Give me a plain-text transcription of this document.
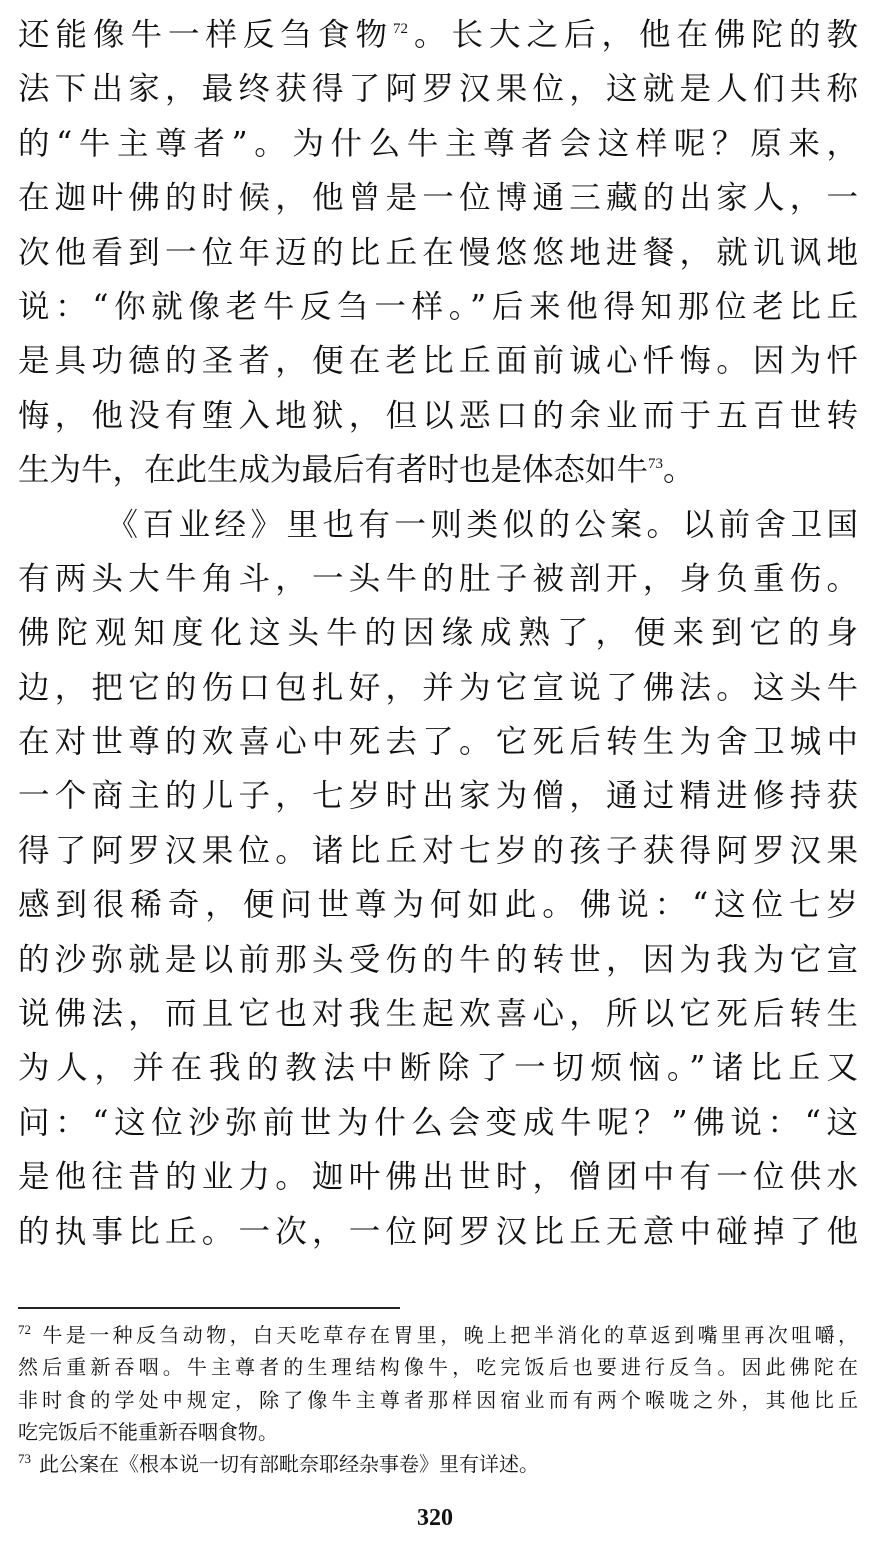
还能像牛一样反刍食物$^{72}$。长大之后，他在佛陀的教
法下出家，最终获得了阿罗汉果位，这就是人们共称
的“牛主尊者”。为什么牛主尊者会这样呢？原来，
在迦叶佛的时候，他曾是一位博通三藏的出家人，一
次他看到一位年迈的比丘在慢悠悠地进餐，就讥讽地
说：“你就像老牛反刍一样。”后来他得知那位老比丘
是具功德的圣者，便在老比丘面前诚心忏悔。因为忏
悔，他没有堕入地狱，但以恶口的余业而于五百世转
生为牛，在此生成为最后有者时也是体态如牛$^{73}$。
《百业经》里也有一则类似的公案。以前舍卫国
有两头大牛角斗，一头牛的肚子被剖开，身负重伤。
佛陀观知度化这头牛的因缘成熟了，便来到它的身
边，把它的伤口包扎好，并为它宣说了佛法。这头牛
在对世尊的欢喜心中死去了。它死后转生为舍卫城中
一个商主的儿子，七岁时出家为僧，通过精进修持获
得了阿罗汉果位。诸比丘对七岁的孩子获得阿罗汉果
感到很稀奇，便问世尊为何如此。佛说：“这位七岁
的沙弥就是以前那头受伤的牛的转世，因为我为它宣
说佛法，而且它也对我生起欢喜心，所以它死后转生
为人，并在我的教法中断除了一切烦恼。”诸比丘又
问：“这位沙弥前世为什么会变成牛呢？”佛说：“这
是他往昔的业力。迦叶佛出世时，僧团中有一位供水
的执事比丘。一次，一位阿罗汉比丘无意中碰掉了他
$^{72}$ 牛是一种反刍动物，白天吃草存在胃里，晚上把半消化的草返到嘴里再次咀嚼，
然后重新吞咽。牛主尊者的生理结构像牛，吃完饭后也要进行反刍。因此佛陀在
非时食的学处中规定，除了像牛主尊者那样因宿业而有两个喉咙之外，其他比丘
吃完饭后不能重新吞咽食物。
$^{73}$ 此公案在《根本说一切有部毗奈耶经杂事卷》里有详述。
320
